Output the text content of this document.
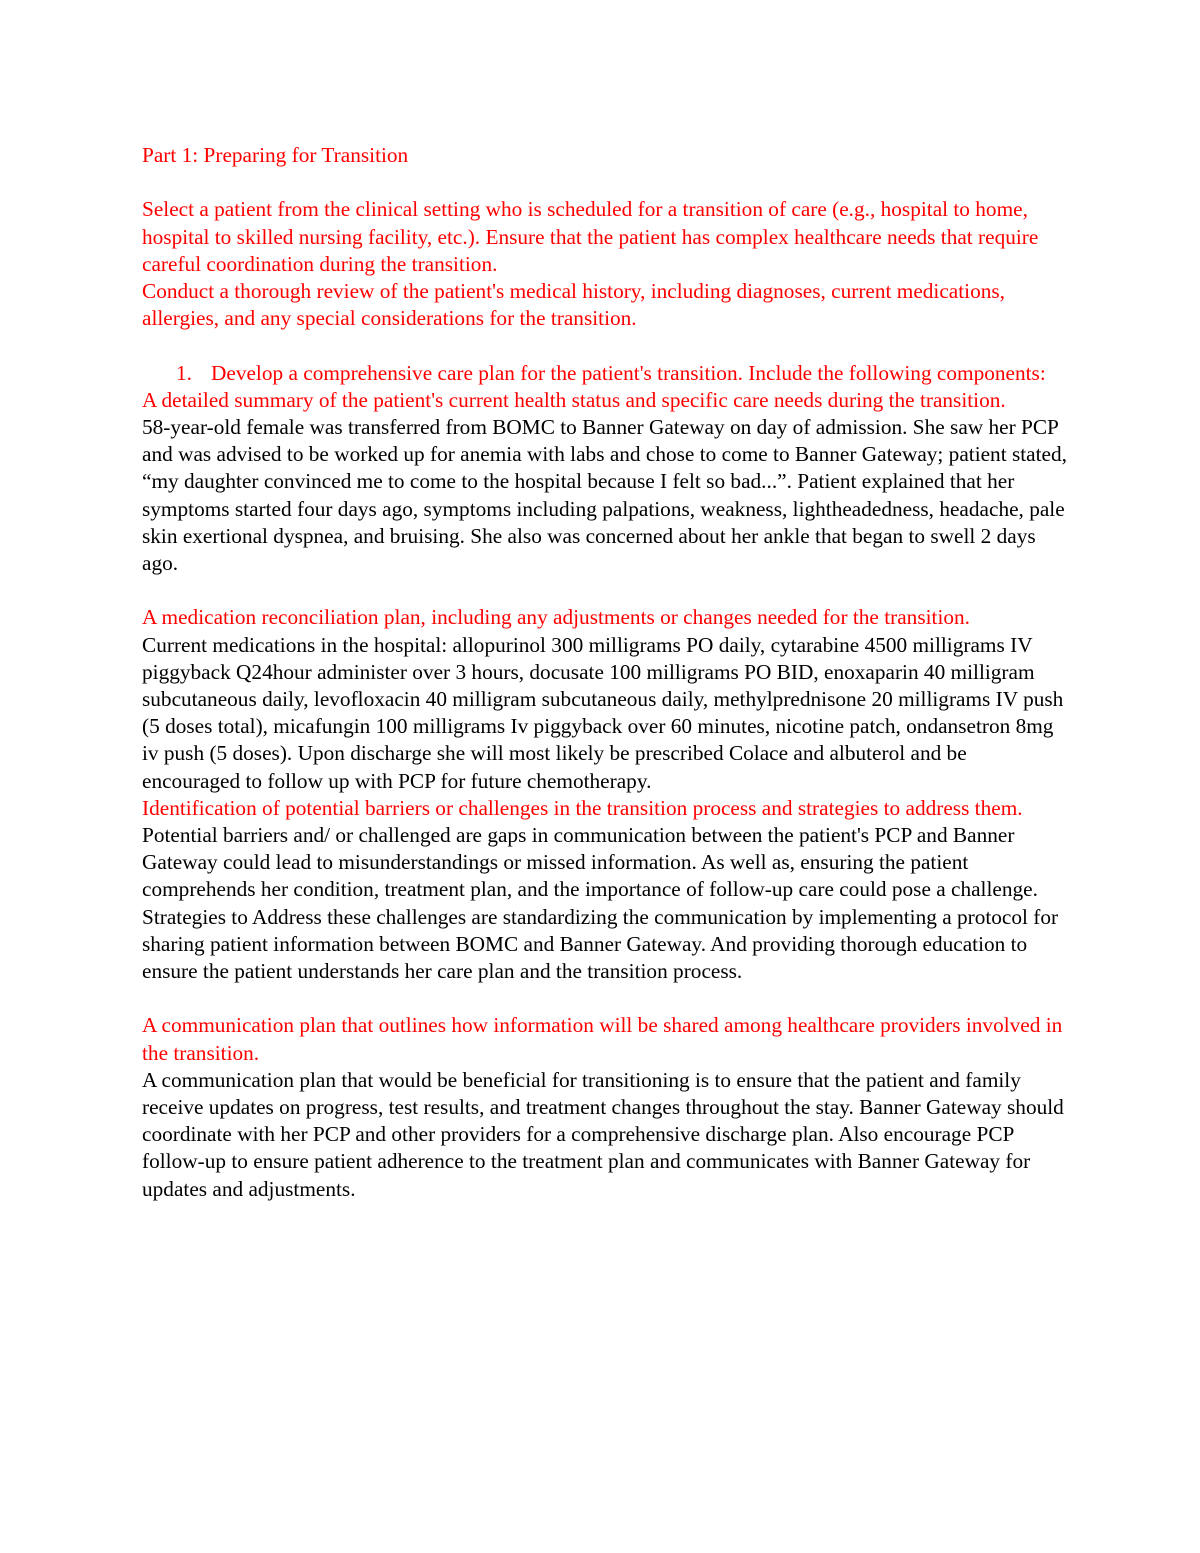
Part 1: Preparing for Transition

Select a patient from the clinical setting who is scheduled for a transition of care (e.g., hospital to home, hospital to skilled nursing facility, etc.). Ensure that the patient has complex healthcare needs that require careful coordination during the transition.

Conduct a thorough review of the patient's medical history, including diagnoses, current medications, allergies, and any special considerations for the transition.

1. Develop a comprehensive care plan for the patient's transition. Include the following components:

A detailed summary of the patient's current health status and specific care needs during the transition.

58-year-old female was transferred from BOMC to Banner Gateway on day of admission. She saw her PCP and was advised to be worked up for anemia with labs and chose to come to Banner Gateway; patient stated, “my daughter convinced me to come to the hospital because I felt so bad...”. Patient explained that her symptoms started four days ago, symptoms including palpations, weakness, lightheadedness, headache, pale skin exertional dyspnea, and bruising. She also was concerned about her ankle that began to swell 2 days ago.

A medication reconciliation plan, including any adjustments or changes needed for the transition.

Current medications in the hospital: allopurinol 300 milligrams PO daily, cytarabine 4500 milligrams IV piggyback Q24hour administer over 3 hours, docusate 100 milligrams PO BID, enoxaparin 40 milligram subcutaneous daily, levofloxacin 40 milligram subcutaneous daily, methylprednisone 20 milligrams IV push (5 doses total), micafungin 100 milligrams Iv piggyback over 60 minutes, nicotine patch, ondansetron 8mg iv push (5 doses). Upon discharge she will most likely be prescribed Colace and albuterol and be encouraged to follow up with PCP for future chemotherapy.

Identification of potential barriers or challenges in the transition process and strategies to address them.

Potential barriers and/ or challenged are gaps in communication between the patient's PCP and Banner Gateway could lead to misunderstandings or missed information. As well as, ensuring the patient comprehends her condition, treatment plan, and the importance of follow-up care could pose a challenge. Strategies to Address these challenges are standardizing the communication by implementing a protocol for sharing patient information between BOMC and Banner Gateway. And providing thorough education to ensure the patient understands her care plan and the transition process.

A communication plan that outlines how information will be shared among healthcare providers involved in the transition.

A communication plan that would be beneficial for transitioning is to ensure that the patient and family receive updates on progress, test results, and treatment changes throughout the stay. Banner Gateway should coordinate with her PCP and other providers for a comprehensive discharge plan. Also encourage PCP follow-up to ensure patient adherence to the treatment plan and communicates with Banner Gateway for updates and adjustments.
